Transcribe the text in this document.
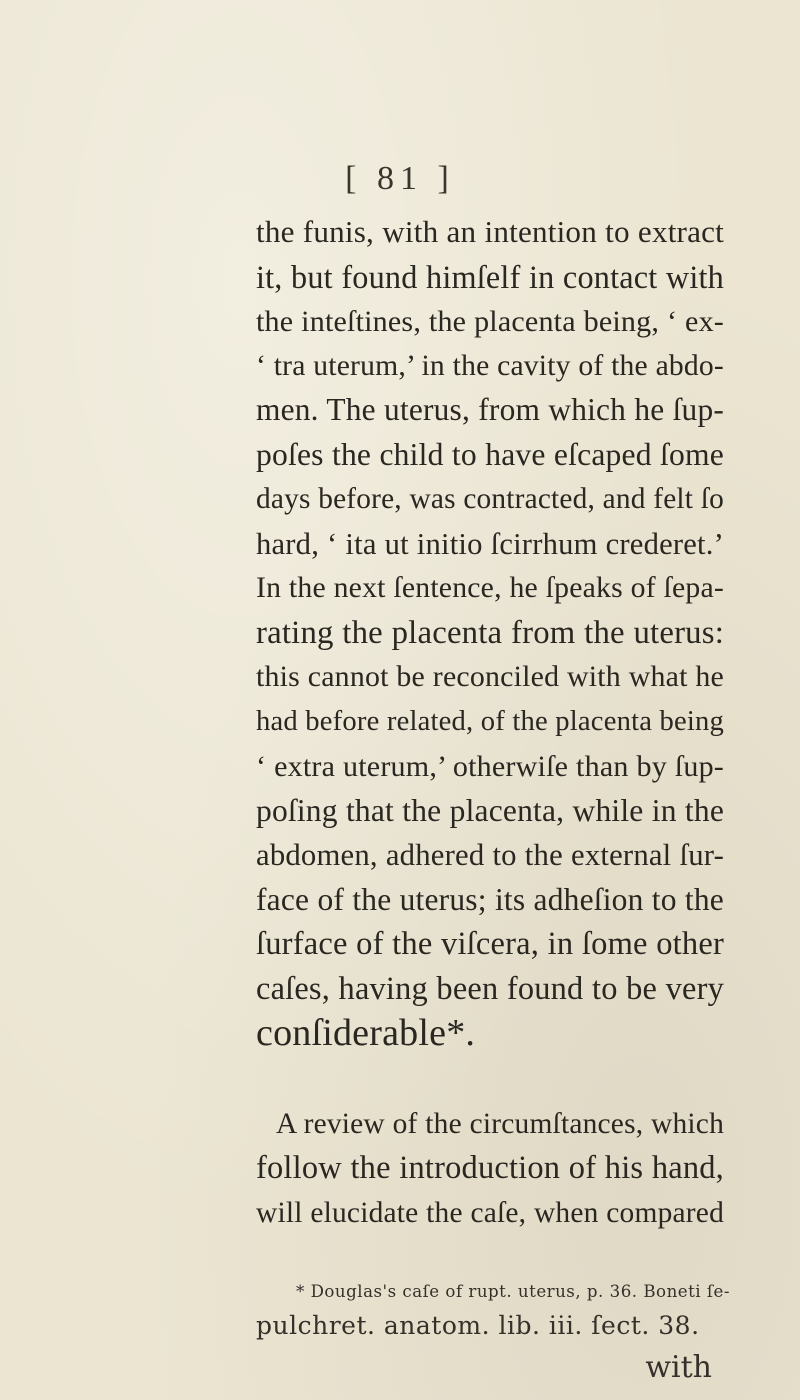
[ 81 ]
the funis, with an intention to extract
it, but found himſelf in contact with
the inteſtines, the placenta being, ‘ ex-
‘ tra uterum,’ in the cavity of the abdo-
men. The uterus, from which he ſup-
poſes the child to have eſcaped ſome
days before, was contracted, and felt ſo
hard, ‘ ita ut initio ſcirrhum crederet.’
In the next ſentence, he ſpeaks of ſepa-
rating the placenta from the uterus:
this cannot be reconciled with what he
had before related, of the placenta being
‘ extra uterum,’ otherwiſe than by ſup-
poſing that the placenta, while in the
abdomen, adhered to the external ſur-
face of the uterus; its adheſion to the
ſurface of the viſcera, in ſome other
caſes, having been found to be very
conſiderable*.
A review of the circumſtances, which
follow the introduction of his hand,
will elucidate the caſe, when compared
* Douglas's caſe of rupt. uterus, p. 36. Boneti ſe-
pulchret. anatom. lib. iii. ſect. 38.
with
